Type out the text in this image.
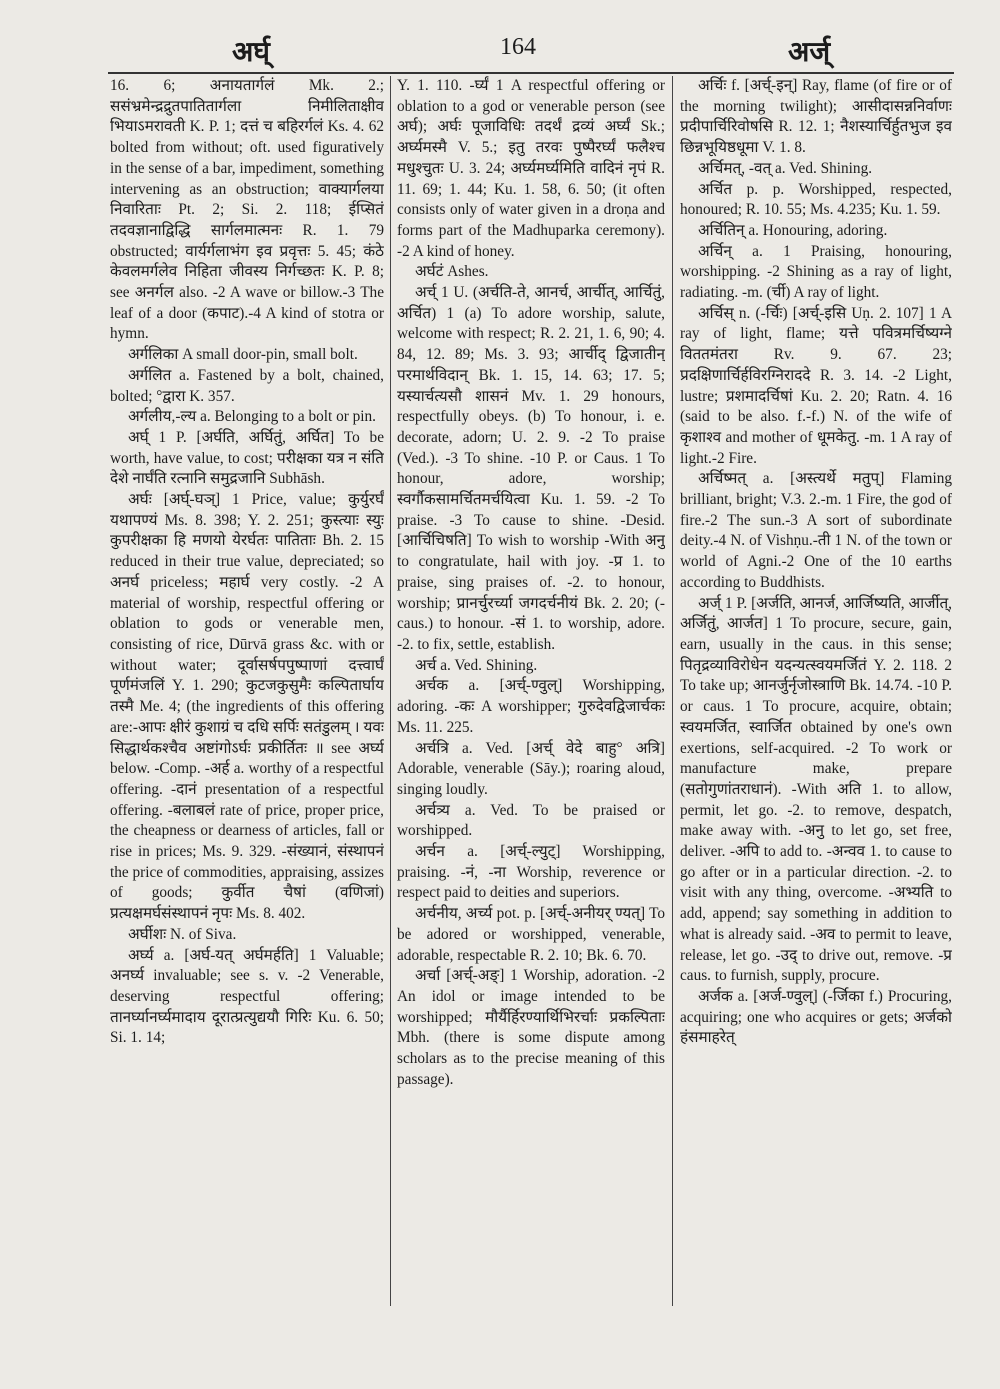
अर्घ्	164	अर्ज्

16. 6; अनायतार्गलं Mk. 2.; ससंभ्रमेन्द्रद्रुतपातितार्गला निमीलिताक्षीव भियाऽमरावती K. P. 1; दत्तं च बहिरर्गलं Ks. 4. 62 bolted from without; oft. used figuratively in the sense of a bar, impediment, something intervening as an obstruction; वाक्यार्गलया निवारिताः Pt. 2; Si. 2. 118; ईप्सितं तदवज्ञानाद्विद्धि सार्गलमात्मनः R. 1. 79 obstructed; वार्यर्गलाभंग इव प्रवृत्तः 5. 45; कंठे केवलमर्गलेव निहिता जीवस्य निर्गच्छतः K. P. 8; see अनर्गल also. -2 A wave or billow.-3 The leaf of a door (कपाट).-4 A kind of stotra or hymn.

अर्गलिका A small door-pin, small bolt.

अर्गलित a. Fastened by a bolt, chained, bolted; °द्वारा K. 357.

अर्गलीय,-ल्य a. Belonging to a bolt or pin.

अर्घ् 1 P. [अर्घति, अर्घितुं, अर्घित] To be worth, have value, to cost; परीक्षका यत्र न संति देशे नार्घंति रत्नानि समुद्रजानि Subhāsh.

अर्घः [अर्घ्-घञ्] 1 Price, value; कुर्युरर्घं यथापण्यं Ms. 8. 398; Y. 2. 251; कुस्त्याः स्युः कुपरीक्षका हि मणयो येरर्घतः पातिताः Bh. 2. 15 reduced in their true value, depreciated; so अनर्घ priceless; महार्घ very costly. -2 A material of worship, respectful offering or oblation to gods or venerable men, consisting of rice, Dūrvā grass &c. with or without water; दूर्वासर्षपपुष्पाणां दत्त्वार्घं पूर्णमंजलिं Y. 1. 290; कुटजकुसुमैः कल्पितार्घाय तस्मै Me. 4; (the ingredients of this offering are:-आपः क्षीरं कुशाग्रं च दधि सर्पिः सतंडुलम् । यवः सिद्धार्थकश्चैव अष्टांगोऽर्घः प्रकीर्तितः ॥ see अर्घ्य below. -Comp. -अर्ह a. worthy of a respectful offering. -दानं presentation of a respectful offering. -बलाबलं rate of price, proper price, the cheapness or dearness of articles, fall or rise in prices; Ms. 9. 329. -संख्यानं, संस्थापनं the price of commodities, appraising, assizes of goods; कुर्वीत चैषां (वणिजां) प्रत्यक्षमर्घसंस्थापनं नृपः Ms. 8. 402.

अर्घीशः N. of Siva.

अर्घ्य a. [अर्घ-यत् अर्घमर्हति] 1 Valuable; अनर्घ्य invaluable; see s. v. -2 Venerable, deserving respectful offering; तानर्घ्यानर्घ्यमादाय दूरात्प्रत्युद्ययौ गिरिः Ku. 6. 50; Si. 1. 14;

Y. 1. 110. -र्घ्यं 1 A respectful offering or oblation to a god or venerable person (see अर्घ); अर्घः पूजाविधिः तदर्थं द्रव्यं अर्घ्यं Sk.; अर्घ्यमस्मै V. 5.; इतु तरवः पुष्पैरर्घ्यं फलैश्च मधुश्चुतः U. 3. 24; अर्घ्यमर्घ्यमिति वादिनं नृपं R. 11. 69; 1. 44; Ku. 1. 58, 6. 50; (it often consists only of water given in a droṇa and forms part of the Madhuparka ceremony). -2 A kind of honey.

अर्घटं Ashes.

अर्च् 1 U. (अर्चति-ते, आनर्च, आर्चीत्, आर्चितुं, अर्चित) 1 (a) To adore worship, salute, welcome with respect; R. 2. 21, 1. 6, 90; 4. 84, 12. 89; Ms. 3. 93; आर्चीद् द्विजातीन् परमार्थविदान् Bk. 1. 15, 14. 63; 17. 5; यस्यार्चत्यसौ शासनं Mv. 1. 29 honours, respectfully obeys. (b) To honour, i. e. decorate, adorn; U. 2. 9. -2 To praise (Ved.). -3 To shine. -10 P. or Caus. 1 To honour, adore, worship; स्वर्गौकसामर्चितमर्चयित्वा Ku. 1. 59. -2 To praise. -3 To cause to shine. -Desid. [आर्चिचिषति] To wish to worship -With अनु to congratulate, hail with joy. -प्र 1. to praise, sing praises of. -2. to honour, worship; प्रानर्चुरर्च्या जगदर्चनीयं Bk. 2. 20; (-caus.) to honour. -सं 1. to worship, adore. -2. to fix, settle, establish.

अर्च a. Ved. Shining.

अर्चक a. [अर्च्-ण्वुल्] Worshipping, adoring. -कः A worshipper; गुरुदेवद्विजार्चकः Ms. 11. 225.

अर्चत्रि a. Ved. [अर्च् वेदे बाहु° अत्रि] Adorable, venerable (Sāy.); roaring aloud, singing loudly.

अर्चत्र्य a. Ved. To be praised or worshipped.

अर्चन a. [अर्च्-ल्युट्] Worshipping, praising. -नं, -ना Worship, reverence or respect paid to deities and superiors.

अर्चनीय, अर्च्य pot. p. [अर्च्-अनीयर् ण्यत्] To be adored or worshipped, venerable, adorable, respectable R. 2. 10; Bk. 6. 70.

अर्चा [अर्च्-अङ्] 1 Worship, adoration. -2 An idol or image intended to be worshipped; मौर्यैर्हिरण्यार्थिभिरर्चाः प्रकल्पिताः Mbh. (there is some dispute among scholars as to the precise meaning of this passage).

अर्चिः f. [अर्च्-इन्] Ray, flame (of fire or of the morning twilight); आसीदासन्ननिर्वाणः प्रदीपार्चिरिवोषसि R. 12. 1; नैशस्यार्चिर्हुतभुज इव छिन्नभूयिष्ठधूमा V. 1. 8.

अर्चिमत्, -वत् a. Ved. Shining.

अर्चित p. p. Worshipped, respected, honoured; R. 10. 55; Ms. 4.235; Ku. 1. 59.

अर्चितिन् a. Honouring, adoring.

अर्चिन् a. 1 Praising, honouring, worshipping. -2 Shining as a ray of light, radiating. -m. (र्ची) A ray of light.

अर्चिस् n. (-र्चिः) [अर्च्-इसि Uṇ. 2. 107] 1 A ray of light, flame; यत्ते पवित्रमर्चिष्यग्ने विततमंतरा Rv. 9. 67. 23; प्रदक्षिणार्चिर्हविरग्निराददे R. 3. 14. -2 Light, lustre; प्रशमादर्चिषां Ku. 2. 20; Ratn. 4. 16 (said to be also. f.-f.) N. of the wife of कृशाश्व and mother of धूमकेतु. -m. 1 A ray of light.-2 Fire.

अर्चिष्मत् a. [अस्त्यर्थे मतुप्] Flaming brilliant, bright; V.3. 2.-m. 1 Fire, the god of fire.-2 The sun.-3 A sort of subordinate deity.-4 N. of Vishṇu.-ती 1 N. of the town or world of Agni.-2 One of the 10 earths according to Buddhists.

अर्ज् 1 P. [अर्जति, आनर्ज, आर्जिष्यति, आर्जीत्, अर्जितुं, आर्जत] 1 To procure, secure, gain, earn, usually in the caus. in this sense; पितृद्रव्याविरोधेन यदन्यत्स्वयमर्जितं Y. 2. 118. 2 To take up; आनर्जुर्नृजोस्त्राणि Bk. 14.74. -10 P. or caus. 1 To procure, acquire, obtain; स्वयमर्जित, स्वार्जित obtained by one's own exertions, self-acquired. -2 To work or manufacture make, prepare (सतोगुणांतराधानं). -With अति 1. to allow, permit, let go. -2. to remove, despatch, make away with. -अनु to let go, set free, deliver. -अपि to add to. -अन्वव 1. to cause to go after or in a particular direction. -2. to visit with any thing, overcome. -अभ्यति to add, append; say something in addition to what is already said. -अव to permit to leave, release, let go. -उद् to drive out, remove. -प्र caus. to furnish, supply, procure.

अर्जक a. [अर्ज-ण्वुल्] (-र्जिका f.) Procuring, acquiring; one who acquires or gets; अर्जको हंसमाहरेत्
